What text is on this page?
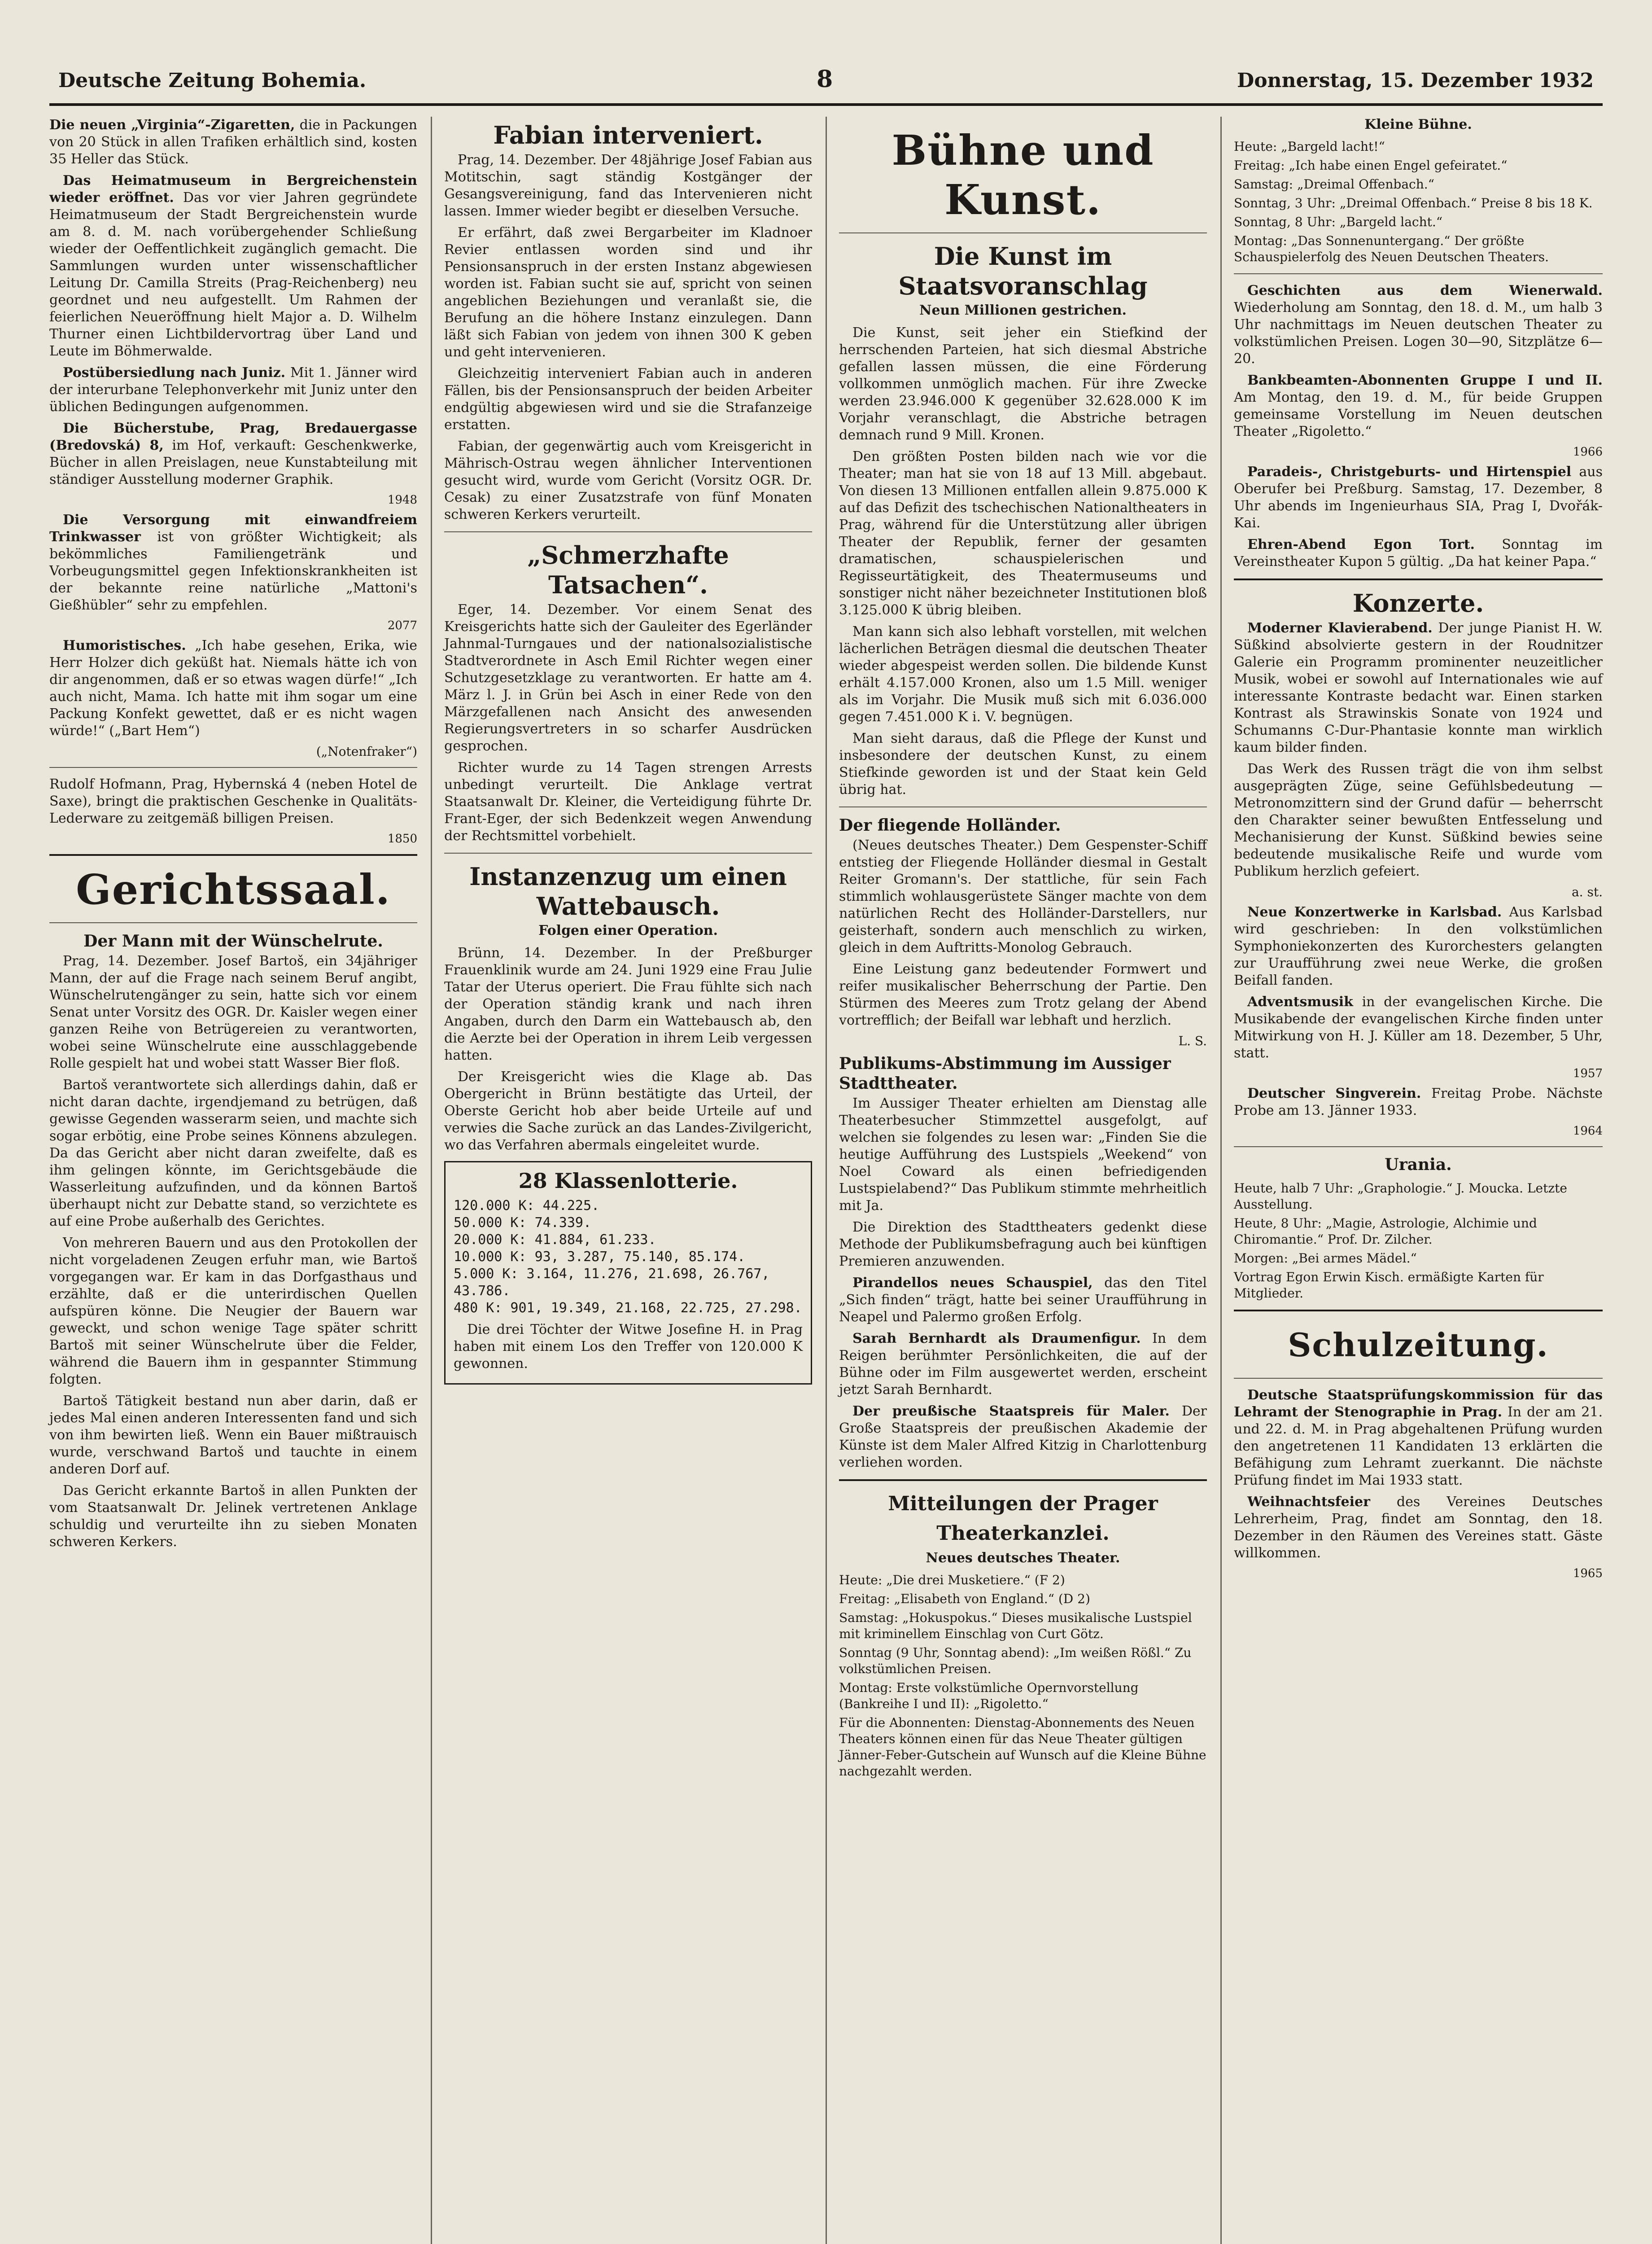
Deutsche Zeitung Bohemia.	8	Donnerstag, 15. Dezember 1932

Die neuen „Virginia“-Zigaretten, die in Packungen von 20 Stück in allen Trafiken erhältlich sind, kosten 35 Heller das Stück.

Das Heimatmuseum in Bergreichenstein wieder eröffnet. Das vor vier Jahren gegründete Heimatmuseum der Stadt Bergreichenstein wurde am 8. d. M. nach vorübergehender Schließung wieder der Oeffentlichkeit zugänglich gemacht. Die Sammlungen wurden unter wissenschaftlicher Leitung Dr. Camilla Streits (Prag-Reichenberg) neu geordnet und neu aufgestellt. Um Rahmen der feierlichen Neueröffnung hielt Major a. D. Wilhelm Thurner einen Lichtbildervortrag über Land und Leute im Böhmerwalde.

Postübersiedlung nach Juniz. Mit 1. Jänner wird der interurbane Telephonverkehr mit Juniz unter den üblichen Bedingungen aufgenommen.

Die Bücherstube, Prag, Bredauergasse (Bredovská) 8, im Hof, verkauft: Geschenkwerke, Bücher in allen Preislagen, neue Kunstabteilung mit ständiger Ausstellung moderner Graphik.

1948

Die Versorgung mit einwandfreiem Trinkwasser ist von größter Wichtigkeit; als bekömmliches Familiengetränk und Vorbeugungsmittel gegen Infektionskrankheiten ist der bekannte reine natürliche „Mattoni's Gießhübler“ sehr zu empfehlen.

2077

Humoristisches. „Ich habe gesehen, Erika, wie Herr Holzer dich geküßt hat. Niemals hätte ich von dir angenommen, daß er so etwas wagen dürfe!“ „Ich auch nicht, Mama. Ich hatte mit ihm sogar um eine Packung Konfekt gewettet, daß er es nicht wagen würde!“ („Bart Hem“)

(„Notenfraker“)

Rudolf Hofmann, Prag, Hybernská 4 (neben Hotel de Saxe), bringt die praktischen Geschenke in Qualitäts-Lederware zu zeitgemäß billigen Preisen.

1850

Gerichtssaal.
Der Mann mit der Wünschelrute.

Prag, 14. Dezember. Josef Bartoš, ein 34jähriger Mann, der auf die Frage nach seinem Beruf angibt, Wünschelrutengänger zu sein, hatte sich vor einem Senat unter Vorsitz des OGR. Dr. Kaisler wegen einer ganzen Reihe von Betrügereien zu verantworten, wobei seine Wünschelrute eine ausschlaggebende Rolle gespielt hat und wobei statt Wasser Bier floß.

Bartoš verantwortete sich allerdings dahin, daß er nicht daran dachte, irgendjemand zu betrügen, daß gewisse Gegenden wasserarm seien, und machte sich sogar erbötig, eine Probe seines Könnens abzulegen. Da das Gericht aber nicht daran zweifelte, daß es ihm gelingen könnte, im Gerichtsgebäude die Wasserleitung aufzufinden, und da können Bartoš überhaupt nicht zur Debatte stand, so verzichtete es auf eine Probe außerhalb des Gerichtes.

Von mehreren Bauern und aus den Protokollen der nicht vorgeladenen Zeugen erfuhr man, wie Bartoš vorgegangen war. Er kam in das Dorfgasthaus und erzählte, daß er die unterirdischen Quellen aufspüren könne. Die Neugier der Bauern war geweckt, und schon wenige Tage später schritt Bartoš mit seiner Wünschelrute über die Felder, während die Bauern ihm in gespannter Stimmung folgten.

Bartoš Tätigkeit bestand nun aber darin, daß er jedes Mal einen anderen Interessenten fand und sich von ihm bewirten ließ. Wenn ein Bauer mißtrauisch wurde, verschwand Bartoš und tauchte in einem anderen Dorf auf.

Das Gericht erkannte Bartoš in allen Punkten der vom Staatsanwalt Dr. Jelinek vertretenen Anklage schuldig und verurteilte ihn zu sieben Monaten schweren Kerkers.

Fabian interveniert.

Prag, 14. Dezember. Der 48jährige Josef Fabian aus Motitschin, sagt ständig Kostgänger der Gesangsvereinigung, fand das Intervenieren nicht lassen. Immer wieder begibt er dieselben Versuche.

Er erfährt, daß zwei Bergarbeiter im Kladnoer Revier entlassen worden sind und ihr Pensionsanspruch in der ersten Instanz abgewiesen worden ist. Fabian sucht sie auf, spricht von seinen angeblichen Beziehungen und veranlaßt sie, die Berufung an die höhere Instanz einzulegen. Dann läßt sich Fabian von jedem von ihnen 300 K geben und geht intervenieren.

Gleichzeitig interveniert Fabian auch in anderen Fällen, bis der Pensionsanspruch der beiden Arbeiter endgültig abgewiesen wird und sie die Strafanzeige erstatten.

Fabian, der gegenwärtig auch vom Kreisgericht in Mährisch-Ostrau wegen ähnlicher Interventionen gesucht wird, wurde vom Gericht (Vorsitz OGR. Dr. Cesak) zu einer Zusatzstrafe von fünf Monaten schweren Kerkers verurteilt.

„Schmerzhafte Tatsachen“.

Eger, 14. Dezember. Vor einem Senat des Kreisgerichts hatte sich der Gauleiter des Egerländer Jahnmal-Turngaues und der nationalsozialistische Stadtverordnete in Asch Emil Richter wegen einer Schutzgesetzklage zu verantworten. Er hatte am 4. März l. J. in Grün bei Asch in einer Rede von den Märzgefallenen nach Ansicht des anwesenden Regierungsvertreters in so scharfer Ausdrücken gesprochen.

Richter wurde zu 14 Tagen strengen Arrests unbedingt verurteilt. Die Anklage vertrat Staatsanwalt Dr. Kleiner, die Verteidigung führte Dr. Frant-Eger, der sich Bedenkzeit wegen Anwendung der Rechtsmittel vorbehielt.

Instanzenzug um einen Wattebausch.
Folgen einer Operation.

Brünn, 14. Dezember. In der Preßburger Frauenklinik wurde am 24. Juni 1929 eine Frau Julie Tatar der Uterus operiert. Die Frau fühlte sich nach der Operation ständig krank und nach ihren Angaben, durch den Darm ein Wattebausch ab, den die Aerzte bei der Operation in ihrem Leib vergessen hatten.

Der Kreisgericht wies die Klage ab. Das Obergericht in Brünn bestätigte das Urteil, der Oberste Gericht hob aber beide Urteile auf und verwies die Sache zurück an das Landes-Zivilgericht, wo das Verfahren abermals eingeleitet wurde.

28 Klassenlotterie.

120.000 K: 44.225.

50.000 K: 74.339.

20.000 K: 41.884, 61.233.

10.000 K: 93, 3.287, 75.140, 85.174.

5.000 K: 3.164, 11.276, 21.698, 26.767, 43.786.

480 K: 901, 19.349, 21.168, 22.725, 27.298.

Die drei Töchter der Witwe Josefine H. in Prag haben mit einem Los den Treffer von 120.000 K gewonnen.

Bühne und Kunst.
Die Kunst im Staatsvoranschlag
Neun Millionen gestrichen.

Die Kunst, seit jeher ein Stiefkind der herrschenden Parteien, hat sich diesmal Abstriche gefallen lassen müssen, die eine Förderung vollkommen unmöglich machen. Für ihre Zwecke werden 23.946.000 K gegenüber 32.628.000 K im Vorjahr veranschlagt, die Abstriche betragen demnach rund 9 Mill. Kronen.

Den größten Posten bilden nach wie vor die Theater; man hat sie von 18 auf 13 Mill. abgebaut. Von diesen 13 Millionen entfallen allein 9.875.000 K auf das Defizit des tschechischen Nationaltheaters in Prag, während für die Unterstützung aller übrigen Theater der Republik, ferner der gesamten dramatischen, schauspielerischen und Regisseurtätigkeit, des Theatermuseums und sonstiger nicht näher bezeichneter Institutionen bloß 3.125.000 K übrig bleiben.

Man kann sich also lebhaft vorstellen, mit welchen lächerlichen Beträgen diesmal die deutschen Theater wieder abgespeist werden sollen. Die bildende Kunst erhält 4.157.000 Kronen, also um 1.5 Mill. weniger als im Vorjahr. Die Musik muß sich mit 6.036.000 gegen 7.451.000 K i. V. begnügen.

Man sieht daraus, daß die Pflege der Kunst und insbesondere der deutschen Kunst, zu einem Stiefkinde geworden ist und der Staat kein Geld übrig hat.

Der fliegende Holländer.

(Neues deutsches Theater.) Dem Gespenster-Schiff entstieg der Fliegende Holländer diesmal in Gestalt Reiter Gromann's. Der stattliche, für sein Fach stimmlich wohlausgerüstete Sänger machte von dem natürlichen Recht des Holländer-Darstellers, nur geisterhaft, sondern auch menschlich zu wirken, gleich in dem Auftritts-Monolog Gebrauch.

Eine Leistung ganz bedeutender Formwert und reifer musikalischer Beherrschung der Partie. Den Stürmen des Meeres zum Trotz gelang der Abend vortrefflich; der Beifall war lebhaft und herzlich.

L. S.

Publikums-Abstimmung im Aussiger Stadttheater.

Im Aussiger Theater erhielten am Dienstag alle Theaterbesucher Stimmzettel ausgefolgt, auf welchen sie folgendes zu lesen war: „Finden Sie die heutige Aufführung des Lustspiels „Weekend“ von Noel Coward als einen befriedigenden Lustspielabend?“ Das Publikum stimmte mehrheitlich mit Ja.

Die Direktion des Stadttheaters gedenkt diese Methode der Publikumsbefragung auch bei künftigen Premieren anzuwenden.

Pirandellos neues Schauspiel, das den Titel „Sich finden“ trägt, hatte bei seiner Uraufführung in Neapel und Palermo großen Erfolg.

Sarah Bernhardt als Draumenfigur. In dem Reigen berühmter Persönlichkeiten, die auf der Bühne oder im Film ausgewertet werden, erscheint jetzt Sarah Bernhardt.

Der preußische Staatspreis für Maler. Der Große Staatspreis der preußischen Akademie der Künste ist dem Maler Alfred Kitzig in Charlottenburg verliehen worden.

Mitteilungen der Prager Theaterkanzlei.
Neues deutsches Theater.

Heute: „Die drei Musketiere.“ (F 2)

Freitag: „Elisabeth von England.“ (D 2)

Samstag: „Hokuspokus.“ Dieses musikalische Lustspiel mit kriminellem Einschlag von Curt Götz.

Sonntag (9 Uhr, Sonntag abend): „Im weißen Rößl.“ Zu volkstümlichen Preisen.

Montag: Erste volkstümliche Opernvorstellung (Bankreihe I und II): „Rigoletto.“

Für die Abonnenten: Dienstag-Abonnements des Neuen Theaters können einen für das Neue Theater gültigen Jänner-Feber-Gutschein auf Wunsch auf die Kleine Bühne nachgezahlt werden.

Kleine Bühne.

Heute: „Bargeld lacht!“

Freitag: „Ich habe einen Engel gefeiratet.“

Samstag: „Dreimal Offenbach.“

Sonntag, 3 Uhr: „Dreimal Offenbach.“ Preise 8 bis 18 K.

Sonntag, 8 Uhr: „Bargeld lacht.“

Montag: „Das Sonnenuntergang.“ Der größte Schauspielerfolg des Neuen Deutschen Theaters.

Geschichten aus dem Wienerwald. Wiederholung am Sonntag, den 18. d. M., um halb 3 Uhr nachmittags im Neuen deutschen Theater zu volkstümlichen Preisen. Logen 30—90, Sitzplätze 6—20.

Bankbeamten-Abonnenten Gruppe I und II. Am Montag, den 19. d. M., für beide Gruppen gemeinsame Vorstellung im Neuen deutschen Theater „Rigoletto.“

1966

Paradeis-, Christgeburts- und Hirtenspiel aus Oberufer bei Preßburg. Samstag, 17. Dezember, 8 Uhr abends im Ingenieurhaus SIA, Prag I, Dvořák-Kai.

Ehren-Abend Egon Tort. Sonntag im Vereinstheater Kupon 5 gültig. „Da hat keiner Papa.“

Konzerte.

Moderner Klavierabend. Der junge Pianist H. W. Süßkind absolvierte gestern in der Roudnitzer Galerie ein Programm prominenter neuzeitlicher Musik, wobei er sowohl auf Internationales wie auf interessante Kontraste bedacht war. Einen starken Kontrast als Strawinskis Sonate von 1924 und Schumanns C-Dur-Phantasie konnte man wirklich kaum bilder finden.

Das Werk des Russen trägt die von ihm selbst ausgeprägten Züge, seine Gefühlsbedeutung — Metronomzittern sind der Grund dafür — beherrscht den Charakter seiner bewußten Entfesselung und Mechanisierung der Kunst. Süßkind bewies seine bedeutende musikalische Reife und wurde vom Publikum herzlich gefeiert.

a. st.

Neue Konzertwerke in Karlsbad. Aus Karlsbad wird geschrieben: In den volkstümlichen Symphoniekonzerten des Kurorchesters gelangten zur Uraufführung zwei neue Werke, die großen Beifall fanden.

Adventsmusik in der evangelischen Kirche. Die Musikabende der evangelischen Kirche finden unter Mitwirkung von H. J. Küller am 18. Dezember, 5 Uhr, statt.

1957

Deutscher Singverein. Freitag Probe. Nächste Probe am 13. Jänner 1933.

1964

Urania.

Heute, halb 7 Uhr: „Graphologie.“ J. Moucka. Letzte Ausstellung.

Heute, 8 Uhr: „Magie, Astrologie, Alchimie und Chiromantie.“ Prof. Dr. Zilcher.

Morgen: „Bei armes Mädel.“

Vortrag Egon Erwin Kisch. ermäßigte Karten für Mitglieder.

Schulzeitung.

Deutsche Staatsprüfungskommission für das Lehramt der Stenographie in Prag. In der am 21. und 22. d. M. in Prag abgehaltenen Prüfung wurden den angetretenen 11 Kandidaten 13 erklärten die Befähigung zum Lehramt zuerkannt. Die nächste Prüfung findet im Mai 1933 statt.

Weihnachtsfeier des Vereines Deutsches Lehrerheim, Prag, findet am Sonntag, den 18. Dezember in den Räumen des Vereines statt. Gäste willkommen.

1965
